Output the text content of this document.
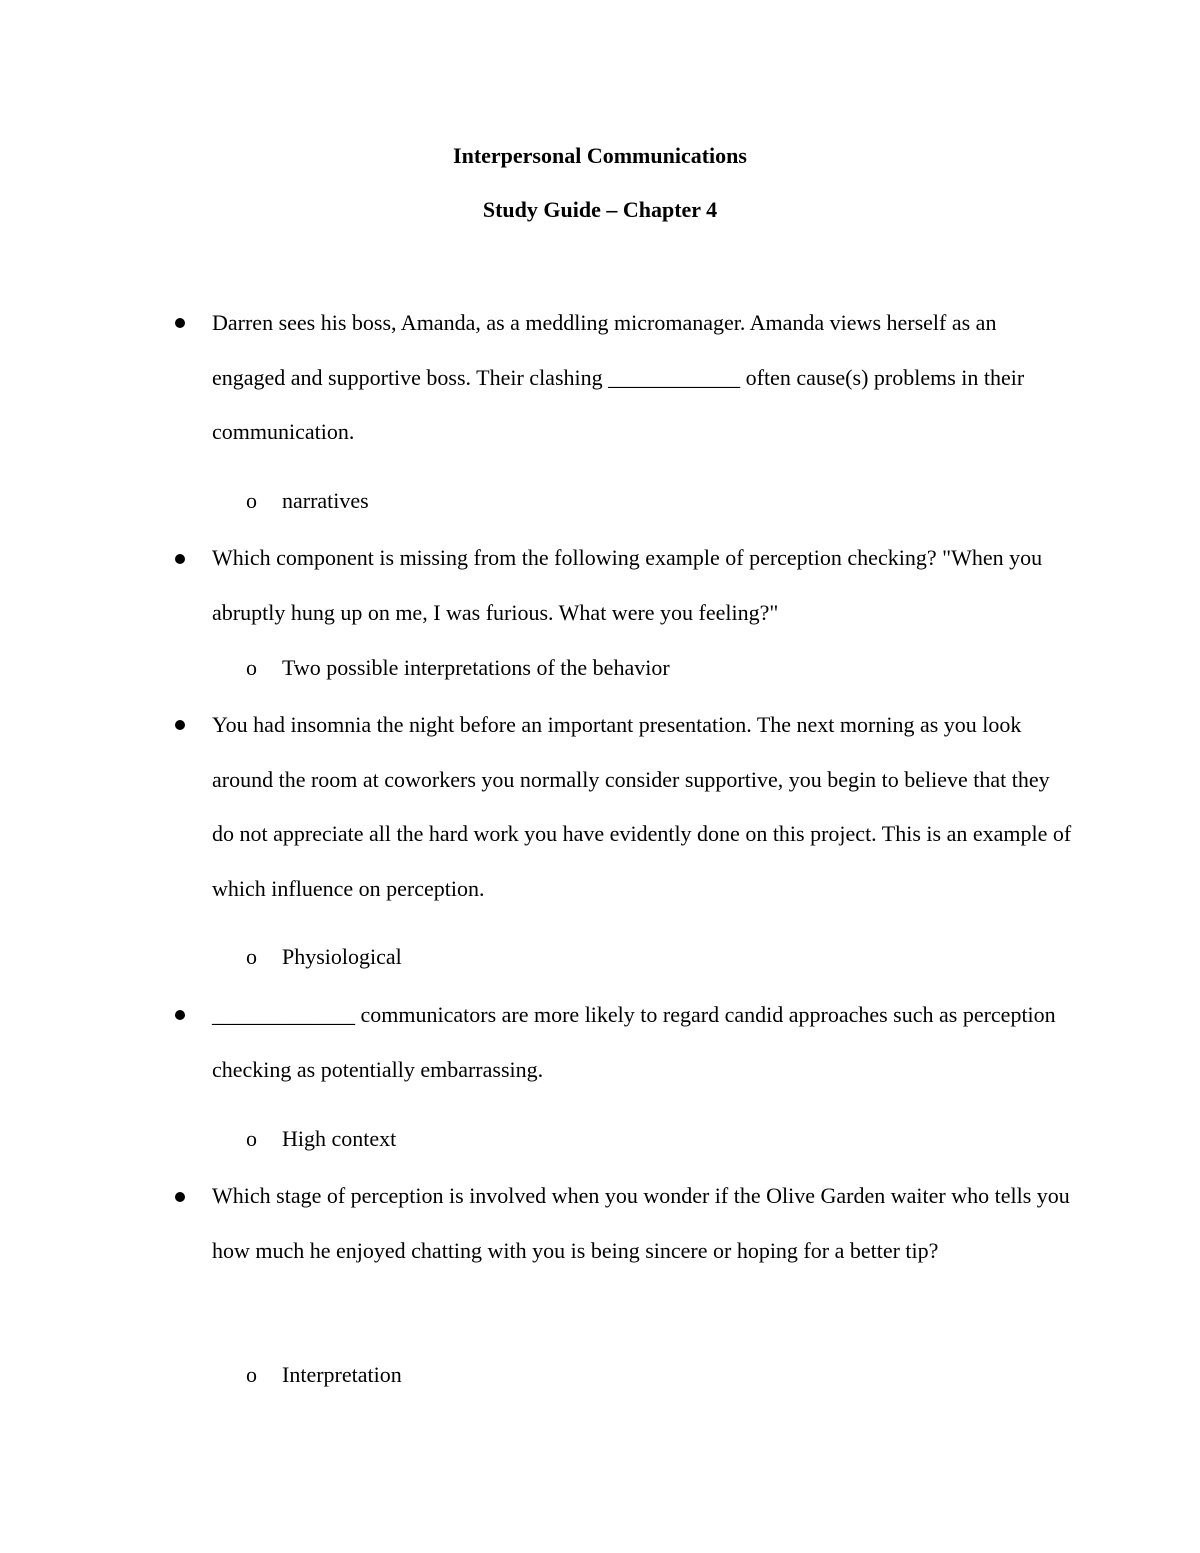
Interpersonal Communications
Study Guide – Chapter 4
Darren sees his boss, Amanda, as a meddling micromanager. Amanda views herself as an engaged and supportive boss. Their clashing ____________ often cause(s) problems in their communication.
o narratives
Which component is missing from the following example of perception checking? "When you abruptly hung up on me, I was furious. What were you feeling?"
o Two possible interpretations of the behavior
You had insomnia the night before an important presentation. The next morning as you look around the room at coworkers you normally consider supportive, you begin to believe that they do not appreciate all the hard work you have evidently done on this project. This is an example of which influence on perception.
o Physiological
_____________ communicators are more likely to regard candid approaches such as perception checking as potentially embarrassing.
o High context
Which stage of perception is involved when you wonder if the Olive Garden waiter who tells you how much he enjoyed chatting with you is being sincere or hoping for a better tip?
o Interpretation
